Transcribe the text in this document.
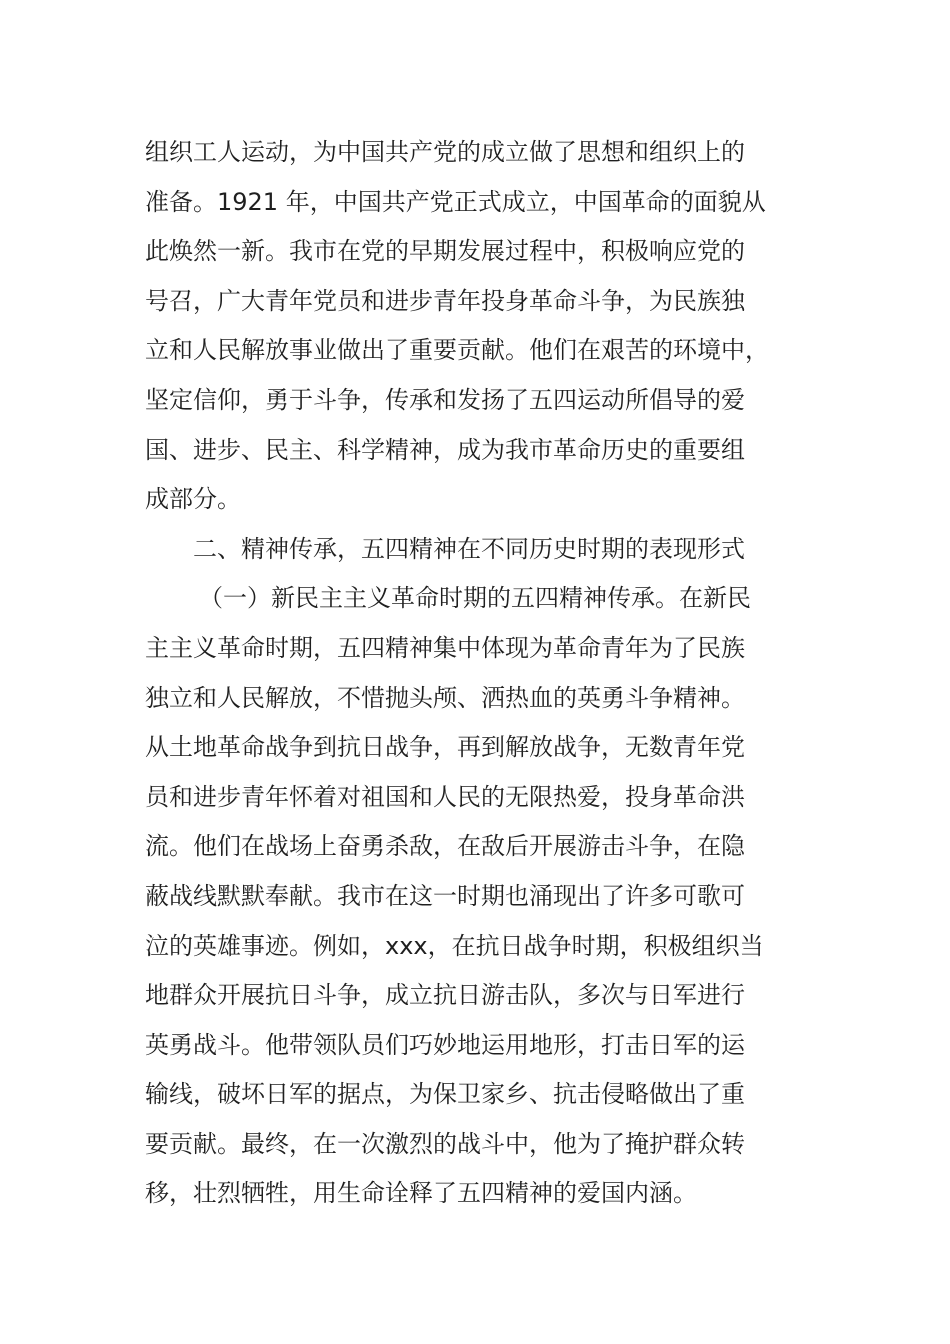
组织工人运动，为中国共产党的成立做了思想和组织上的
准备。1921 年，中国共产党正式成立，中国革命的面貌从
此焕然一新。我市在党的早期发展过程中，积极响应党的
号召，广大青年党员和进步青年投身革命斗争，为民族独
立和人民解放事业做出了重要贡献。他们在艰苦的环境中，
坚定信仰，勇于斗争，传承和发扬了五四运动所倡导的爱
国、进步、民主、科学精神，成为我市革命历史的重要组
成部分。
二、精神传承，五四精神在不同历史时期的表现形式
（一）新民主主义革命时期的五四精神传承。在新民
主主义革命时期，五四精神集中体现为革命青年为了民族
独立和人民解放，不惜抛头颅、洒热血的英勇斗争精神。
从土地革命战争到抗日战争，再到解放战争，无数青年党
员和进步青年怀着对祖国和人民的无限热爱，投身革命洪
流。他们在战场上奋勇杀敌，在敌后开展游击斗争，在隐
蔽战线默默奉献。我市在这一时期也涌现出了许多可歌可
泣的英雄事迹。例如，xxx，在抗日战争时期，积极组织当
地群众开展抗日斗争，成立抗日游击队，多次与日军进行
英勇战斗。他带领队员们巧妙地运用地形，打击日军的运
输线，破坏日军的据点，为保卫家乡、抗击侵略做出了重
要贡献。最终，在一次激烈的战斗中，他为了掩护群众转
移，壮烈牺牲，用生命诠释了五四精神的爱国内涵。
